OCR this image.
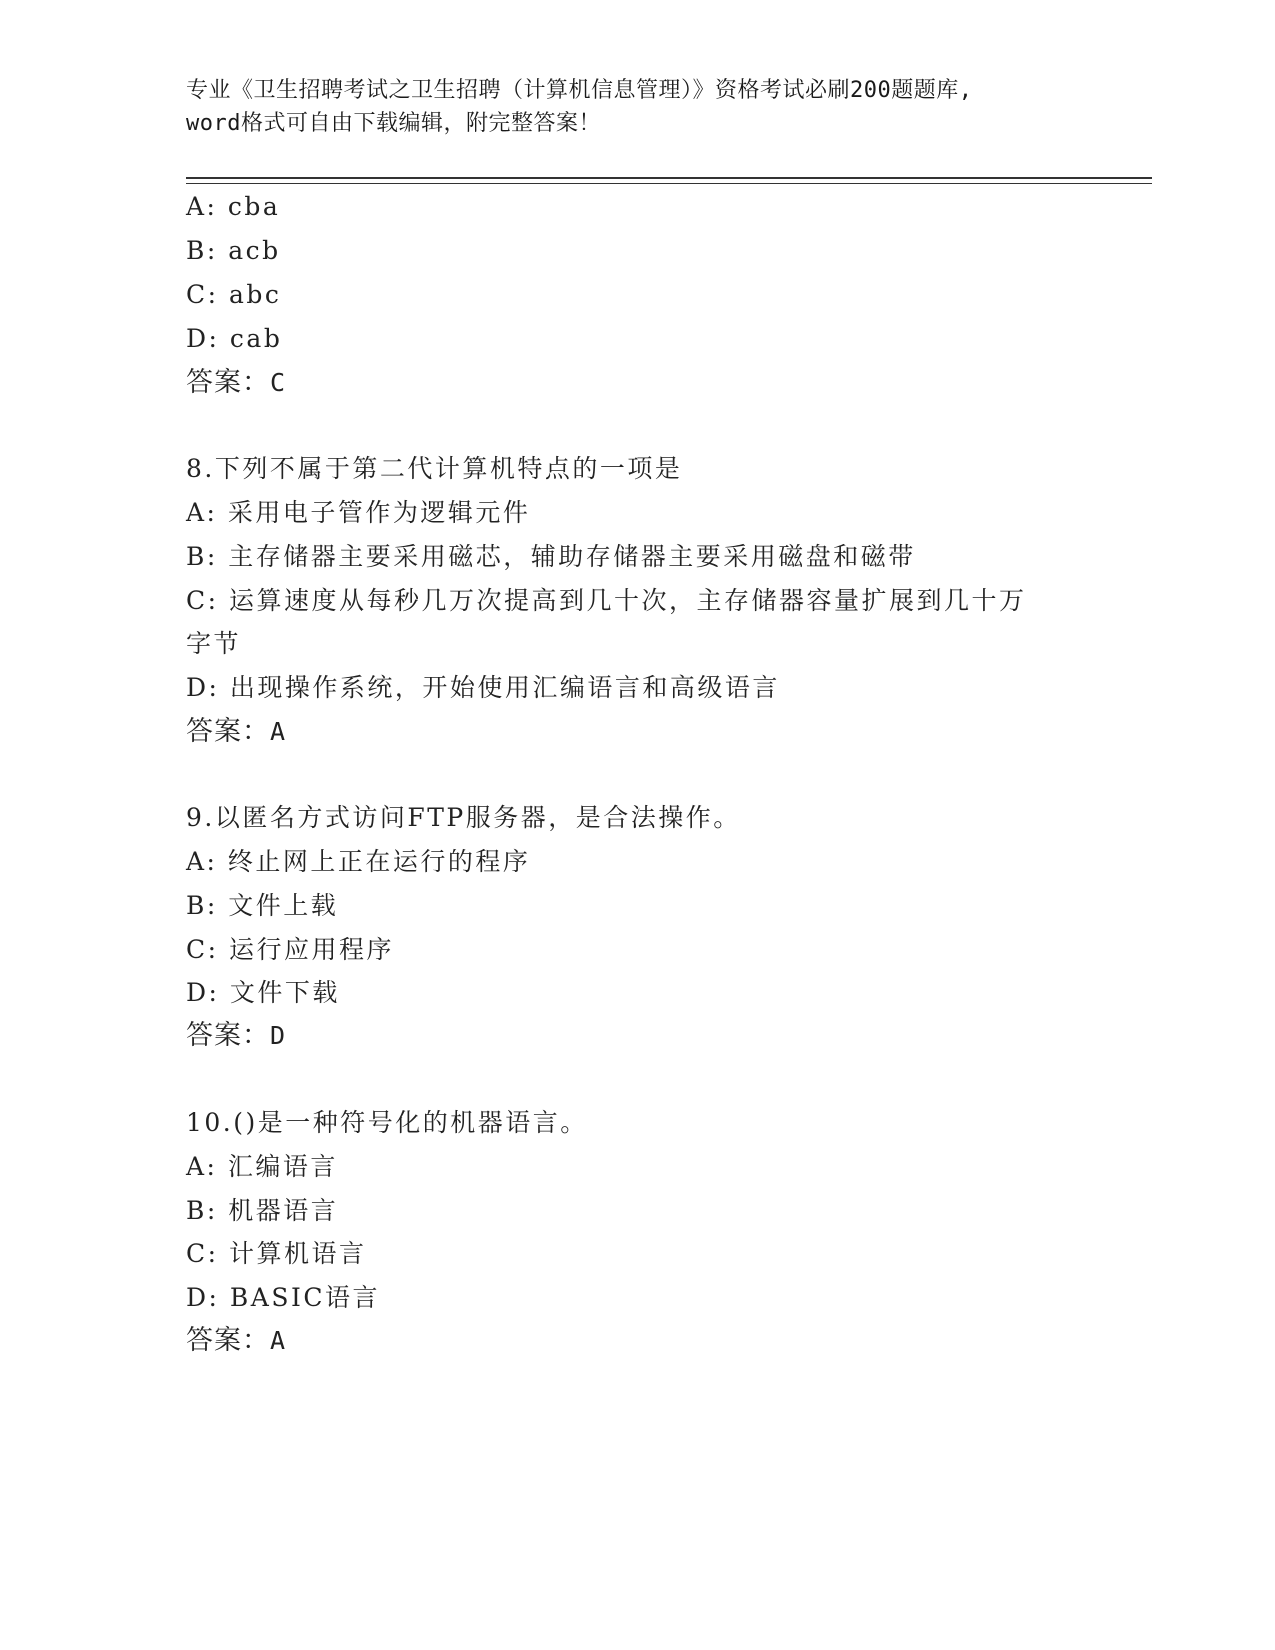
专业《卫生招聘考试之卫生招聘（计算机信息管理）》资格考试必刷200题题库,
word格式可自由下载编辑，附完整答案！
A: cba
B: acb
C: abc
D: cab
答案：C
8.下列不属于第二代计算机特点的一项是
A: 采用电子管作为逻辑元件
B: 主存储器主要采用磁芯，辅助存储器主要采用磁盘和磁带
C: 运算速度从每秒几万次提高到几十次，主存储器容量扩展到几十万
字节
D: 出现操作系统，开始使用汇编语言和高级语言
答案：A
9.以匿名方式访问FTP服务器，是合法操作。
A: 终止网上正在运行的程序
B: 文件上载
C: 运行应用程序
D: 文件下载
答案：D
10.()是一种符号化的机器语言。
A: 汇编语言
B: 机器语言
C: 计算机语言
D: BASIC语言
答案：A
